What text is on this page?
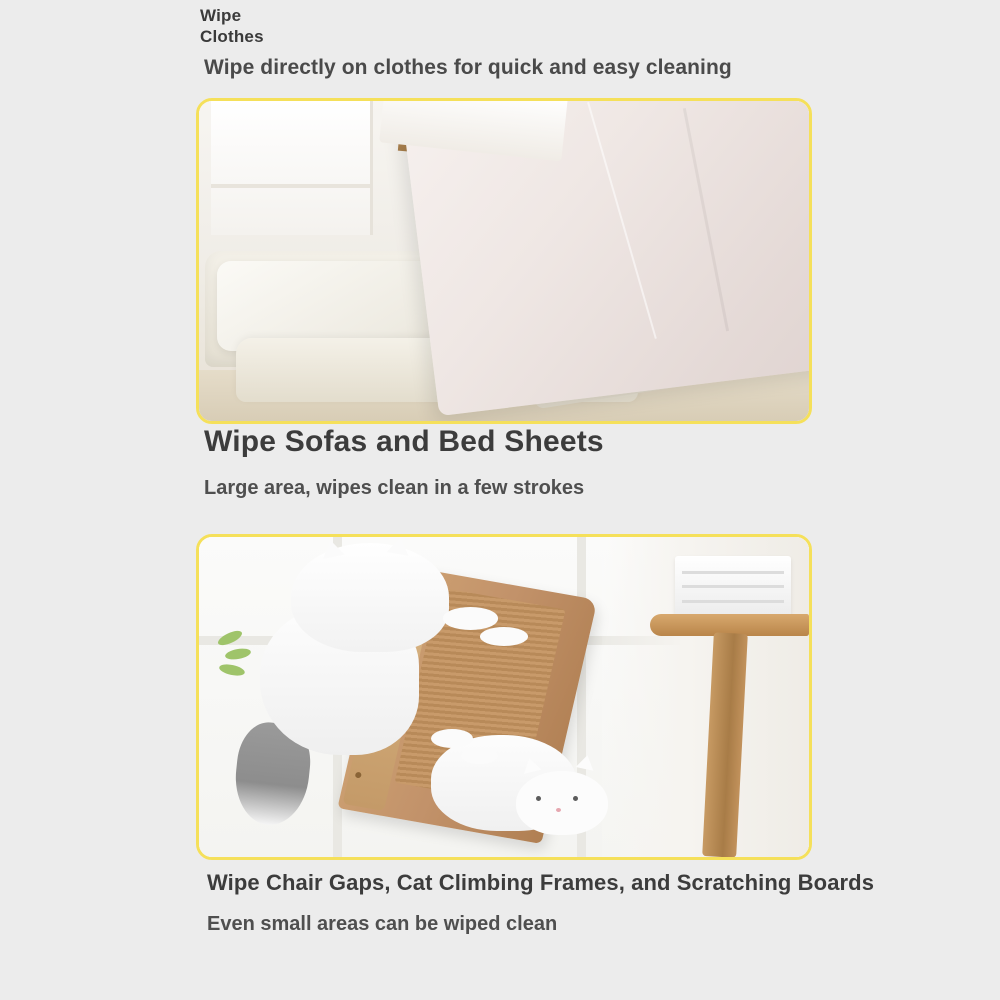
Wipe
Clothes
Wipe directly on clothes for quick and easy cleaning
Wipe Sofas and Bed Sheets
Large area, wipes clean in a few strokes
Wipe Chair Gaps, Cat Climbing Frames, and Scratching Boards
Even small areas can be wiped clean
